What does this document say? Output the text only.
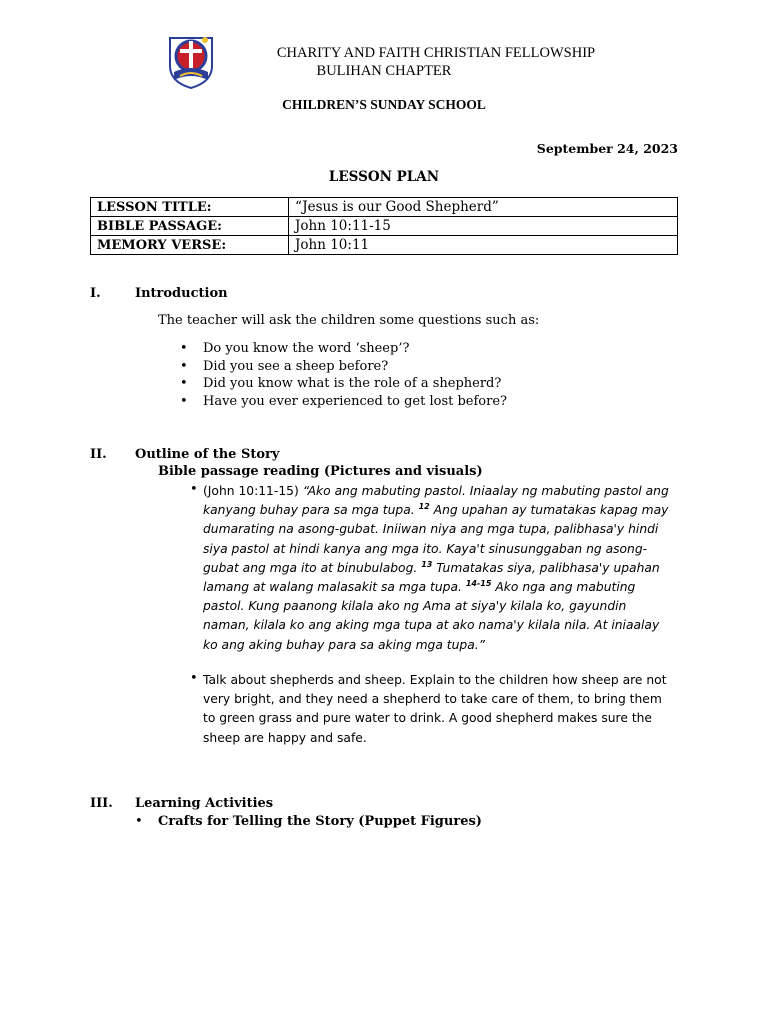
CHARITY AND FAITH CHRISTIAN FELLOWSHIP
BULIHAN CHAPTER
CHILDREN’S SUNDAY SCHOOL
September 24, 2023
LESSON PLAN
LESSON TITLE:	“Jesus is our Good Shepherd”
BIBLE PASSAGE:	John 10:11-15
MEMORY VERSE:	John 10:11
I.	Introduction
The teacher will ask the children some questions such as:
• Do you know the word ‘sheep’?
• Did you see a sheep before?
• Did you know what is the role of a shepherd?
• Have you ever experienced to get lost before?
II. Outline of the Story
Bible passage reading (Pictures and visuals)
• (John 10:11-15) “Ako ang mabuting pastol. Iniaalay ng mabuting pastol ang kanyang buhay para sa mga tupa. $^{12}$ Ang upahan ay tumatakas kapag may dumarating na asong-gubat. Iniiwan niya ang mga tupa, palibhasa'y hindi siya pastol at hindi kanya ang mga ito. Kaya't sinusunggaban ng asong-gubat ang mga ito at binubulabog. $^{13}$ Tumatakas siya, palibhasa'y upahan lamang at walang malasakit sa mga tupa. $^{14-15}$ Ako nga ang mabuting pastol. Kung paanong kilala ako ng Ama at siya'y kilala ko, gayundin naman, kilala ko ang aking mga tupa at ako nama'y kilala nila. At iniaalay ko ang aking buhay para sa aking mga tupa.”
• Talk about shepherds and sheep. Explain to the children how sheep are not very bright, and they need a shepherd to take care of them, to bring them to green grass and pure water to drink. A good shepherd makes sure the sheep are happy and safe.
III. Learning Activities
• Crafts for Telling the Story (Puppet Figures)
